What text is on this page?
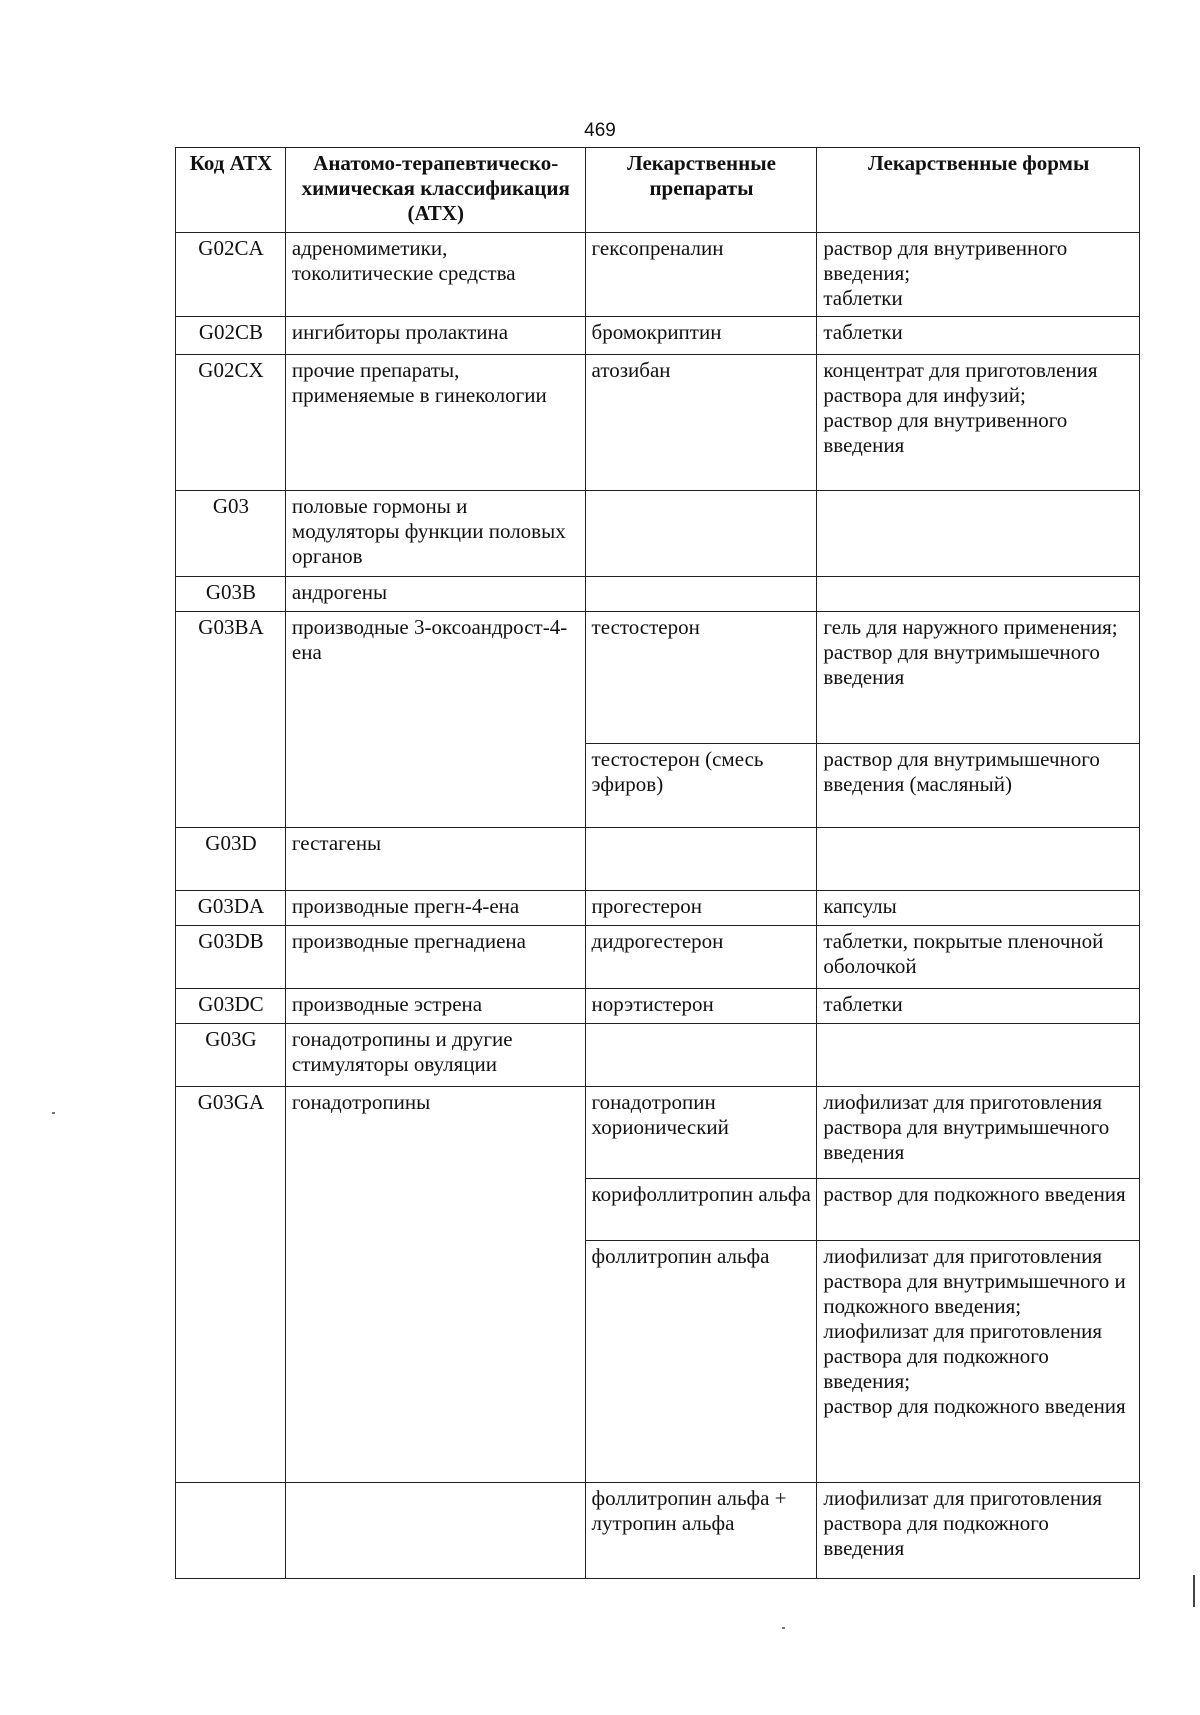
469
Код АТХ	Анатомо-терапевтическо-химическая классификация (АТХ)	Лекарственные препараты	Лекарственные формы
G02CA	адреномиметики, токолитические средства	гексопреналин	раствор для внутривенного введения;
таблетки

G02CB	ингибиторы пролактина	бромокриптин	таблетки

G02CX	прочие препараты, применяемые в гинекологии	атозибан	концентрат для приготовления раствора для инфузий;
раствор для внутривенного введения

G03	половые гормоны и модуляторы функции половых органов		
G03B	андрогены		
G03BA	производные 3-оксоандрост-4-ена	тестостерон	гель для наружного применения;
раствор для внутримышечного введения

		тестостерон (смесь эфиров)	раствор для внутримышечного введения (масляный)

G03D	гестагены		
G03DA	производные прегн-4-ена	прогестерон	капсулы

G03DB	производные прегнадиена	дидрогестерон	таблетки, покрытые пленочной оболочкой

G03DC	производные эстрена	норэтистерон	таблетки

G03G	гонадотропины и другие стимуляторы овуляции		
G03GA	гонадотропины	гонадотропин хорионический	лиофилизат для приготовления раствора для внутримышечного введения

		корифоллитропин альфа	раствор для подкожного введения

		фоллитропин альфа	лиофилизат для приготовления раствора для внутримышечного и подкожного введения;
лиофилизат для приготовления раствора для подкожного введения;
раствор для подкожного введения

		фоллитропин альфа + лутропин альфа	лиофилизат для приготовления раствора для подкожного введения
